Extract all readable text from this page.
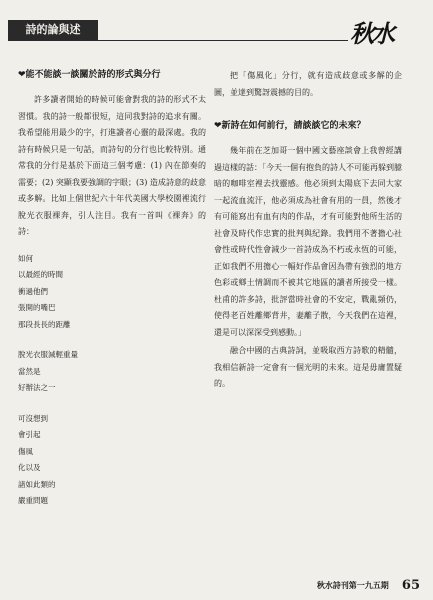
詩的論與述	秋水
❤能不能談一談關於詩的形式與分行

許多讀者開始的時候可能會對我的詩的形式不太習慣。我的詩一般都很短，這同我對詩的追求有關。我希望能用最少的字，打進讀者心靈的最深處。我的詩有時候只是一句話，而詩句的分行也比較特別。通常我的分行是基於下面這三個考慮：(1) 內在節奏的需要；(2) 突顯我要強調的字眼；(3) 造成詩意的歧意或多解。比如上個世紀六十年代美國大學校園裡流行脫光衣服裸奔，引人注目。我有一首叫《裸奔》的詩：

如何
以最經的時間
衝過他們
張開的嘴巴
那段長長的距離
脫光衣服減輕重量
當然是
好辦法之一
可沒想到
會引起
傷風
化以及
諸如此類的
嚴重問題

把「傷風化」分行，就有造成歧意或多解的企圖，並達到驚訝震撼的目的。

❤新詩在如何前行，請談談它的未來？

幾年前在芝加哥一個中國文藝座談會上我曾經講過這樣的話：「今天一個有抱負的詩人不可能再躲到臆暗的咖啡室裡去找靈感。他必須到太陽底下去同大家一起流血流汗，他必須成為社會有用的一員，然後才有可能寫出有血有肉的作品，才有可能對他所生活的社會及時代作忠實的批判與紀錄。我們用不著擔心社會性或時代性會減少一首詩成為不朽或永恆的可能，正如我們不用擔心一幅好作品會因為帶有強烈的地方色彩或鄉土情調而不被其它地區的讀者所接受一樣。杜甫的許多詩，批評當時社會的不安定，戰亂頻仍，使得老百姓離鄉背井，妻離子散，今天我們在這裡，還是可以深深受到感動。」

融合中國的古典詩詞，並吸取西方詩歌的精髓，我相信新詩一定會有一個光明的未來。這是毋庸置疑的。

秋水詩刊第一九五期 65
